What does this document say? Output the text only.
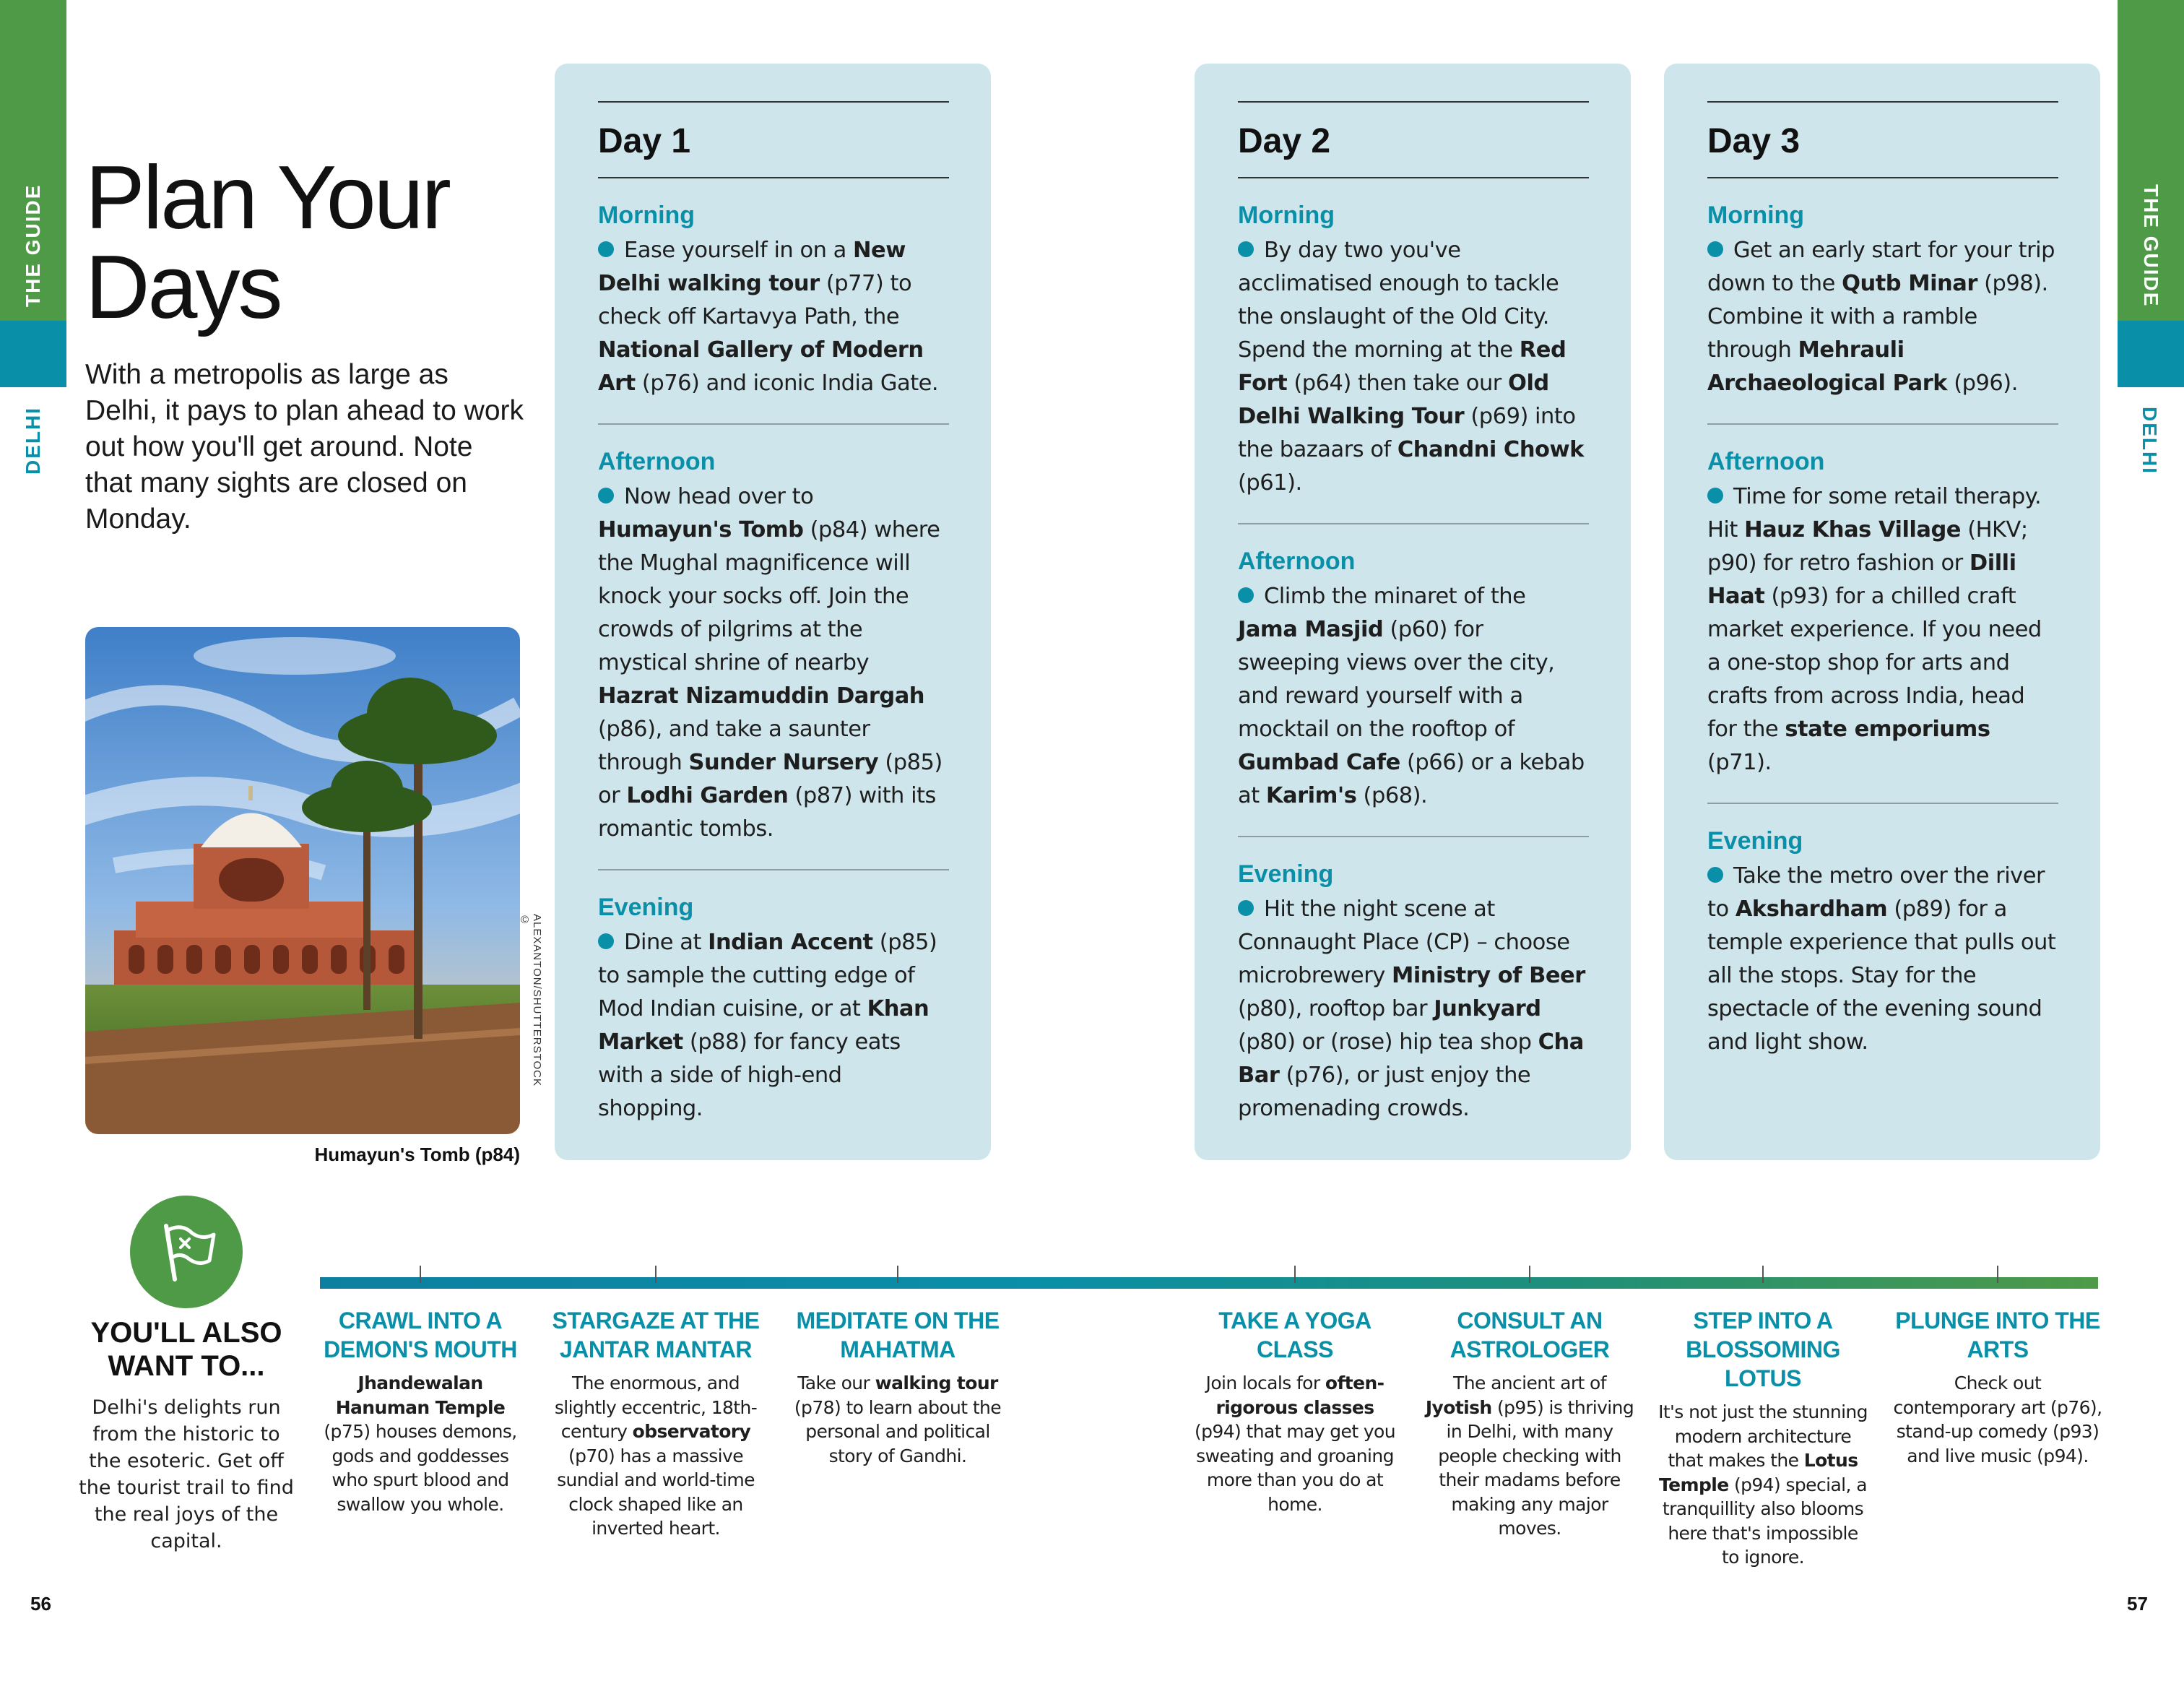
THE GUIDE
DELHI
THE GUIDE
DELHI
Plan Your Days
With a metropolis as large as Delhi, it pays to plan ahead to work out how you'll get around. Note that many sights are closed on Monday.
ALEXANTON/SHUTTERSTOCK ©
Humayun's Tomb (p84)
Day 1
Morning
Ease yourself in on a New Delhi walking tour (p77) to check off Kartavya Path, the National Gallery of Modern Art (p76) and iconic India Gate.
Afternoon
Now head over to Humayun's Tomb (p84) where the Mughal magnificence will knock your socks off. Join the crowds of pilgrims at the mystical shrine of nearby Hazrat Nizamuddin Dargah (p86), and take a saunter through Sunder Nursery (p85) or Lodhi Garden (p87) with its romantic tombs.
Evening
Dine at Indian Accent (p85) to sample the cutting edge of Mod Indian cuisine, or at Khan Market (p88) for fancy eats with a side of high-end shopping.
Day 2
Morning
By day two you've acclimatised enough to tackle the onslaught of the Old City. Spend the morning at the Red Fort (p64) then take our Old Delhi Walking Tour (p69) into the bazaars of Chandni Chowk (p61).
Afternoon
Climb the minaret of the Jama Masjid (p60) for sweeping views over the city, and reward yourself with a mocktail on the rooftop of Gumbad Cafe (p66) or a kebab at Karim's (p68).
Evening
Hit the night scene at Connaught Place (CP) – choose microbrewery Ministry of Beer (p80), rooftop bar Junkyard (p80) or (rose) hip tea shop Cha Bar (p76), or just enjoy the promenading crowds.
Day 3
Morning
Get an early start for your trip down to the Qutb Minar (p98). Combine it with a ramble through Mehrauli Archaeological Park (p96).
Afternoon
Time for some retail therapy. Hit Hauz Khas Village (HKV; p90) for retro fashion or Dilli Haat (p93) for a chilled craft market experience. If you need a one-stop shop for arts and crafts from across India, head for the state emporiums (p71).
Evening
Take the metro over the river to Akshardham (p89) for a temple experience that pulls out all the stops. Stay for the spectacle of the evening sound and light show.
YOU'LL ALSO WANT TO...
Delhi's delights run from the historic to the esoteric. Get off the tourist trail to find the real joys of the capital.
CRAWL INTO A DEMON'S MOUTH
Jhandewalan Hanuman Temple (p75) houses demons, gods and goddesses who spurt blood and swallow you whole.
STARGAZE AT THE JANTAR MANTAR
The enormous, and slightly eccentric, 18th-century observatory (p70) has a massive sundial and world-time clock shaped like an inverted heart.
MEDITATE ON THE MAHATMA
Take our walking tour (p78) to learn about the personal and political story of Gandhi.
TAKE A YOGA CLASS
Join locals for often-rigorous classes (p94) that may get you sweating and groaning more than you do at home.
CONSULT AN ASTROLOGER
The ancient art of Jyotish (p95) is thriving in Delhi, with many people checking with their madams before making any major moves.
STEP INTO A BLOSSOMING LOTUS
It's not just the stunning modern architecture that makes the Lotus Temple (p94) special, a tranquillity also blooms here that's impossible to ignore.
PLUNGE INTO THE ARTS
Check out contemporary art (p76), stand-up comedy (p93) and live music (p94).
56	57
